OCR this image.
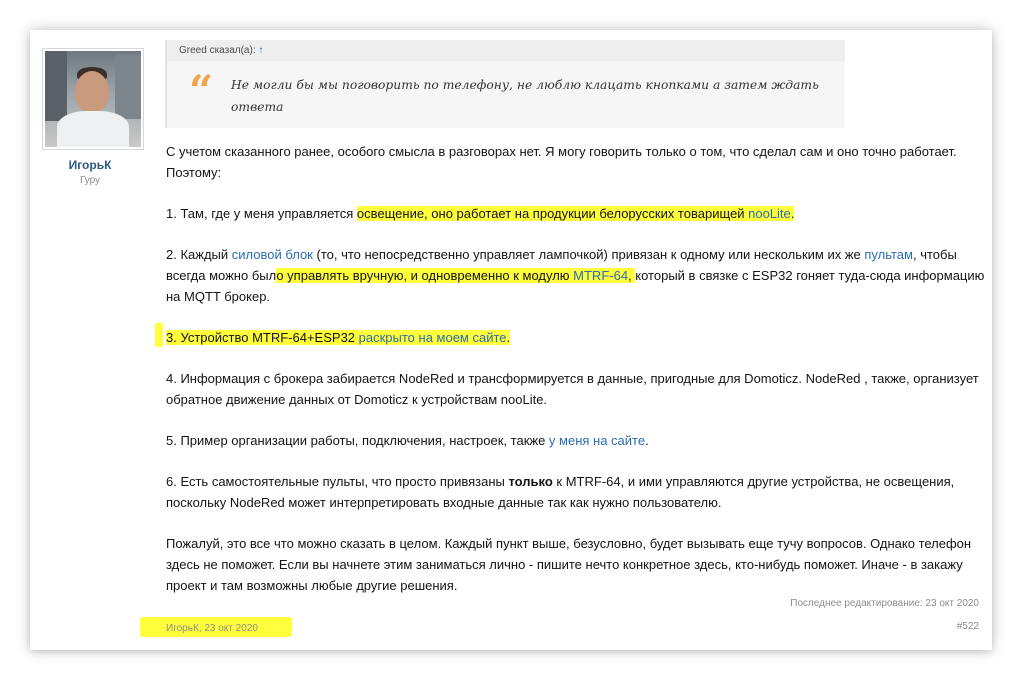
ИгорьК
Гуру
Greed сказал(а): ↑
“ Не могли бы мы поговорить по телефону, не люблю клацать кнопками а затем ждать ответа

С учетом сказанного ранее, особого смысла в разговорах нет. Я могу говорить только о том, что сделал сам и оно точно работает. Поэтому:

1. Там, где у меня управляется освещение, оно работает на продукции белорусских товарищей nooLite.

2. Каждый силовой блок (то, что непосредственно управляет лампочкой) привязан к одному или нескольким их же пультам, чтобы всегда можно было управлять вручную, и одновременно к модулю MTRF-64, который в связке с ESP32 гоняет туда-сюда информацию на MQTT брокер.

3. Устройство MTRF-64+ESP32 раскрыто на моем сайте.

4. Информация с брокера забирается NodeRed и трансформируется в данные, пригодные для Domoticz. NodeRed , также, организует обратное движение данных от Domoticz к устройствам nooLite.

5. Пример организации работы, подключения, настроек, также у меня на сайте.

6. Есть самостоятельные пульты, что просто привязаны только к MTRF-64, и ими управляются другие устройства, не освещения, поскольку NodeRed может интерпретировать входные данные так как нужно пользователю.

Пожалуй, это все что можно сказать в целом. Каждый пункт выше, безусловно, будет вызывать еще тучу вопросов. Однако телефон здесь не поможет. Если вы начнете этим заниматься лично - пишите нечто конкретное здесь, кто-нибудь поможет. Иначе - в закажу проект и там возможны любые другие решения.

Последнее редактирование: 23 окт 2020
ИгорьК, 23 окт 2020	#522
